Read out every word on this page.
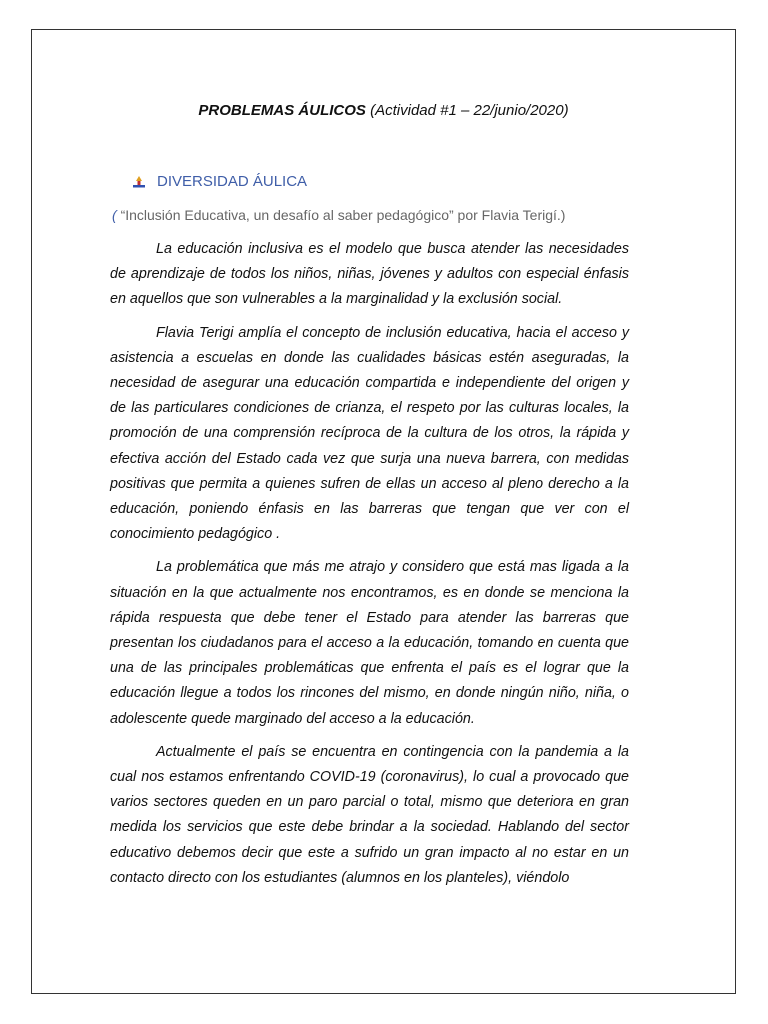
PROBLEMAS ÁULICOS (Actividad #1 – 22/junio/2020)
DIVERSIDAD ÁULICA
( “Inclusión Educativa, un desafío al saber pedagógico” por Flavia Terigí.)

La educación inclusiva es el modelo que busca atender las necesidades de aprendizaje de todos los niños, niñas, jóvenes y adultos con especial énfasis en aquellos que son vulnerables a la marginalidad y la exclusión social.

Flavia Terigi amplía el concepto de inclusión educativa, hacia el acceso y asistencia a escuelas en donde las cualidades básicas estén aseguradas, la necesidad de asegurar una educación compartida e independiente del origen y de las particulares condiciones de crianza, el respeto por las culturas locales, la promoción de una comprensión recíproca de la cultura de los otros, la rápida y efectiva acción del Estado cada vez que surja una nueva barrera, con medidas positivas que permita a quienes sufren de ellas un acceso al pleno derecho a la educación, poniendo énfasis en las barreras que tengan que ver con el conocimiento pedagógico .

La problemática que más me atrajo y considero que está mas ligada a la situación en la que actualmente nos encontramos, es en donde se menciona la rápida respuesta que debe tener el Estado para atender las barreras que presentan los ciudadanos para el acceso a la educación, tomando en cuenta que una de las principales problemáticas que enfrenta el país es el lograr que la educación llegue a todos los rincones del mismo, en donde ningún niño, niña, o adolescente quede marginado del acceso a la educación.

Actualmente el país se encuentra en contingencia con la pandemia a la cual nos estamos enfrentando COVID-19 (coronavirus), lo cual a provocado que varios sectores queden en un paro parcial o total, mismo que deteriora en gran medida los servicios que este debe brindar a la sociedad. Hablando del sector educativo debemos decir que este a sufrido un gran impacto al no estar en un contacto directo con los estudiantes (alumnos en los planteles), viéndolo
